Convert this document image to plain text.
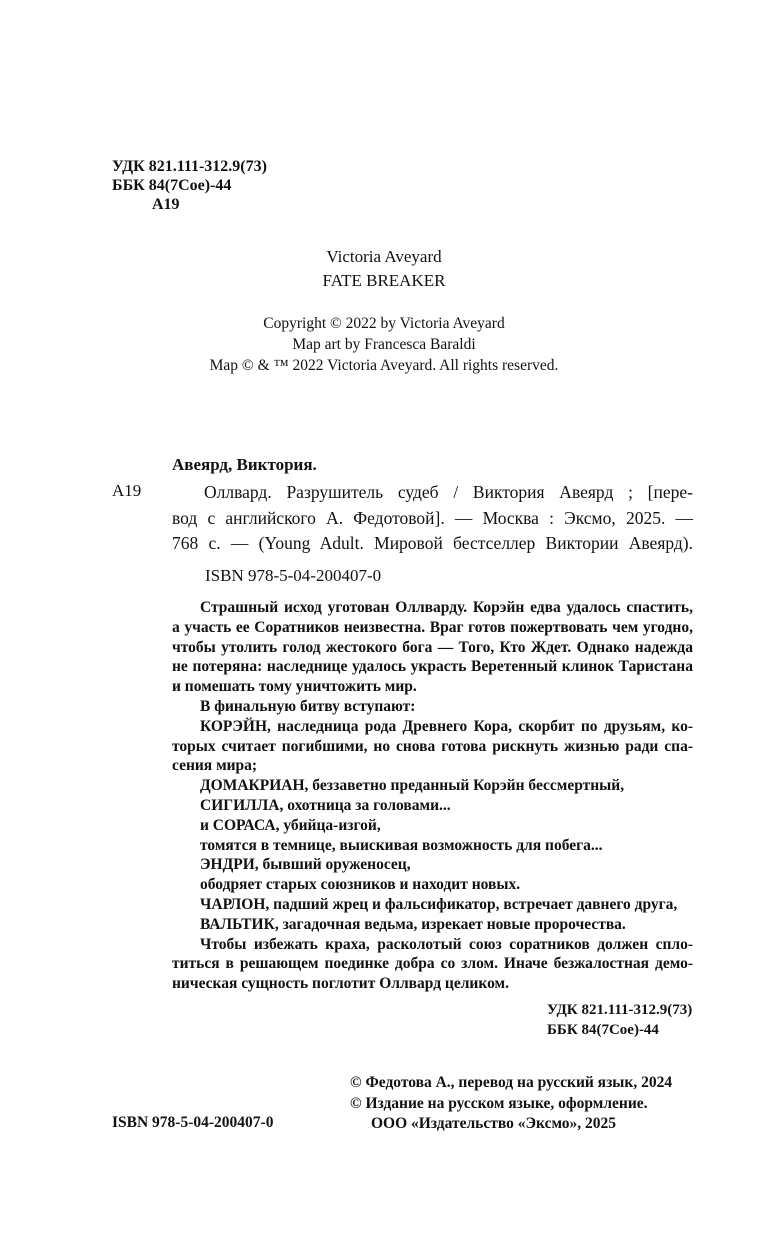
УДК 821.111-312.9(73)
ББК 84(7Сое)-44
А19
Victoria Aveyard
FATE BREAKER
Copyright © 2022 by Victoria Aveyard
Map art by Francesca Baraldi
Map © & ™ 2022 Victoria Aveyard. All rights reserved.
Авеярд, Виктория.
А19	Оллвард. Разрушитель судеб / Виктория Авеярд ; [пере-
вод с английского А. Федотовой]. — Москва : Эксмо, 2025. —
768 с. — (Young Adult. Мировой бестселлер Виктории Авеярд).
ISBN 978-5-04-200407-0
Страшный исход уготован Оллварду. Корэйн едва удалось спастить,
а участь ее Соратников неизвестна. Враг готов пожертвовать чем угодно,
чтобы утолить голод жестокого бога — Того, Кто Ждет. Однако надежда
не потеряна: наследнице удалось украсть Веретенный клинок Таристана
и помешать тому уничтожить мир.
В финальную битву вступают:
КОРЭЙН, наследница рода Древнего Кора, скорбит по друзьям, ко-
торых считает погибшими, но снова готова рискнуть жизнью ради спа-
сения мира;
ДОМАКРИАН, беззаветно преданный Корэйн бессмертный,
СИГИЛЛА, охотница за головами...
и СОРАСА, убийца-изгой,
томятся в темнице, выискивая возможность для побега...
ЭНДРИ, бывший оруженосец,
ободряет старых союзников и находит новых.
ЧАРЛОН, падший жрец и фальсификатор, встречает давнего друга,
ВАЛЬТИК, загадочная ведьма, изрекает новые пророчества.
Чтобы избежать краха, расколотый союз соратников должен спло-
титься в решающем поединке добра со злом. Иначе безжалостная демо-
ническая сущность поглотит Оллвард целиком.
УДК 821.111-312.9(73)
ББК 84(7Сое)-44
© Федотова А., перевод на русский язык, 2024
© Издание на русском языке, оформление.
ООО «Издательство «Эксмо», 2025
ISBN 978-5-04-200407-0
